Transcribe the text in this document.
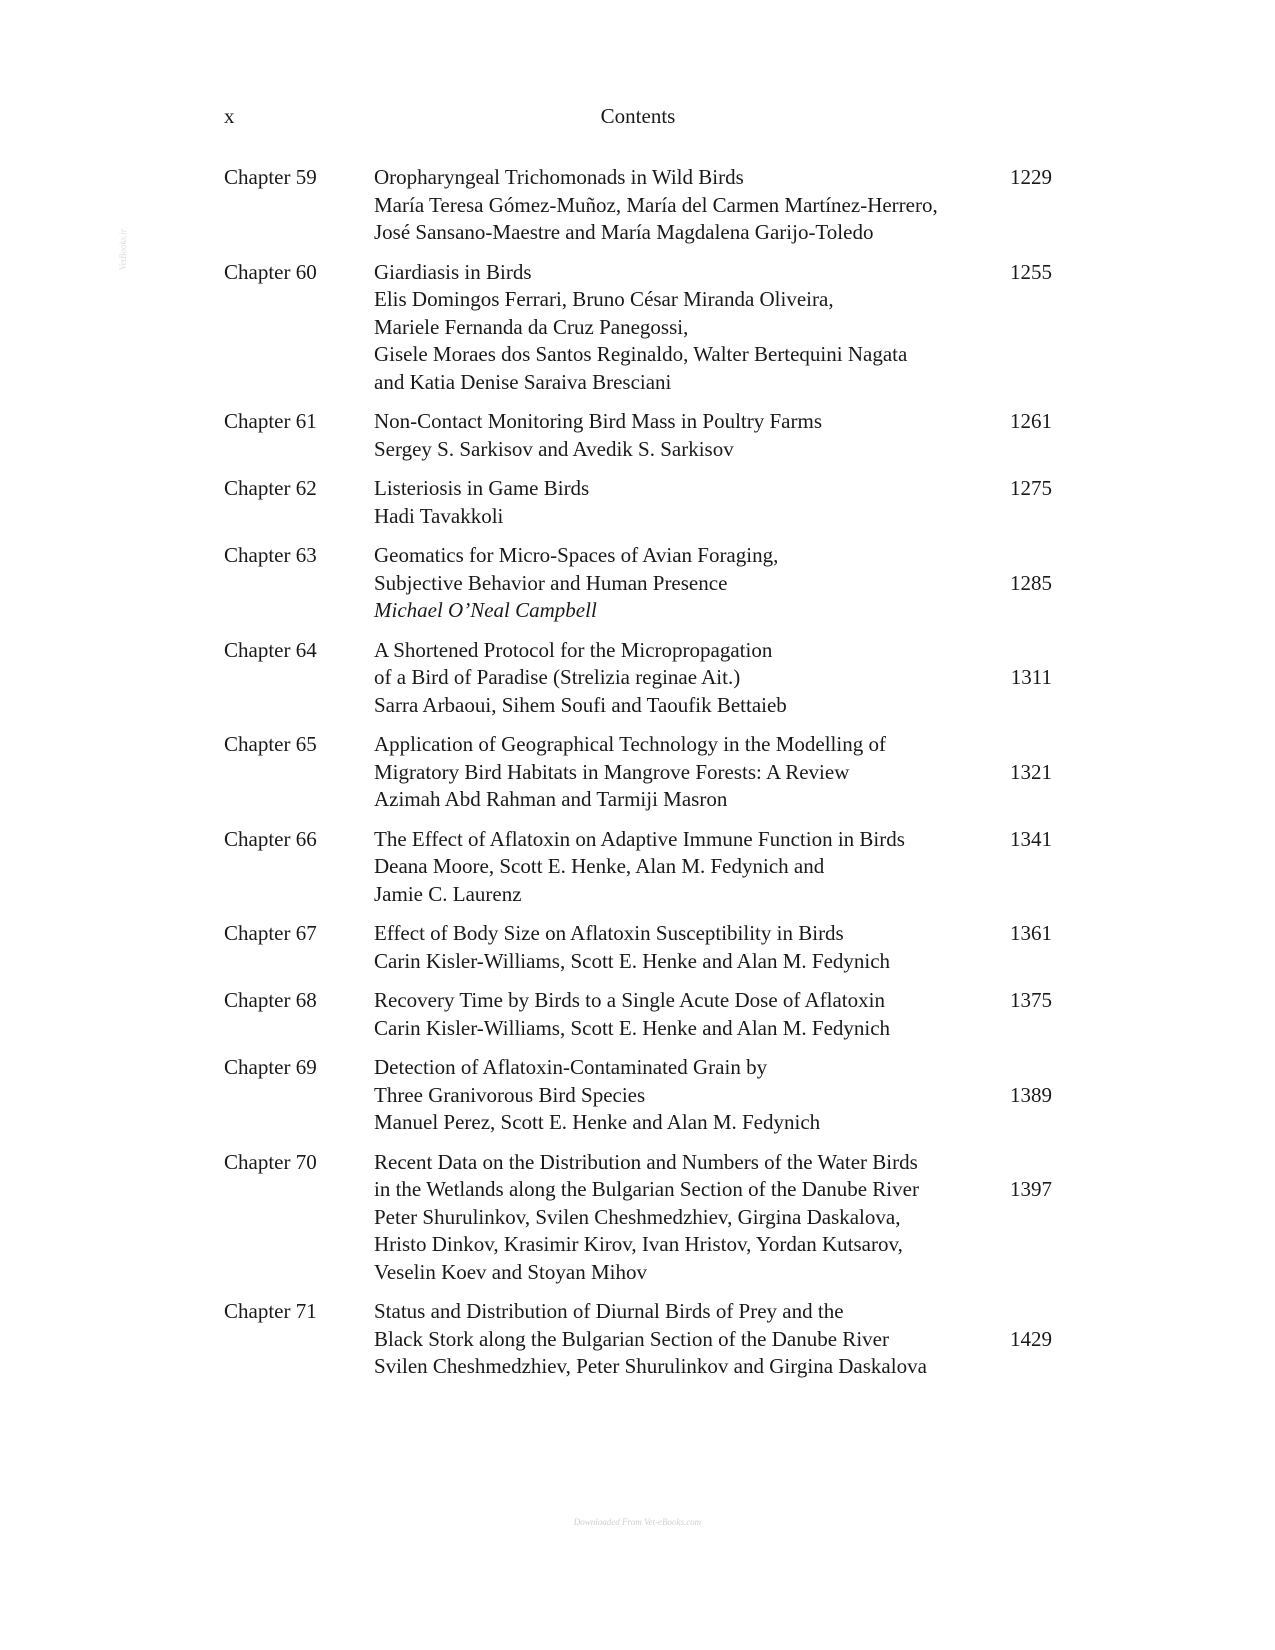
x	Contents
VetBooks.ir
Chapter 59	Oropharyngeal Trichomonads in Wild Birds
María Teresa Gómez-Muñoz, María del Carmen Martínez-Herrero,
José Sansano-Maestre and María Magdalena Garijo-Toledo
1229
Chapter 60	Giardiasis in Birds
Elis Domingos Ferrari, Bruno César Miranda Oliveira,
Mariele Fernanda da Cruz Panegossi,
Gisele Moraes dos Santos Reginaldo, Walter Bertequini Nagata
and Katia Denise Saraiva Bresciani
1255
Chapter 61	Non-Contact Monitoring Bird Mass in Poultry Farms
Sergey S. Sarkisov and Avedik S. Sarkisov
1261
Chapter 62	Listeriosis in Game Birds
Hadi Tavakkoli
1275
Chapter 63	Geomatics for Micro-Spaces of Avian Foraging,
Subjective Behavior and Human Presence
Michael O’Neal Campbell
1285
Chapter 64	A Shortened Protocol for the Micropropagation
of a Bird of Paradise (Strelizia reginae Ait.)
Sarra Arbaoui, Sihem Soufi and Taoufik Bettaieb
1311
Chapter 65	Application of Geographical Technology in the Modelling of
Migratory Bird Habitats in Mangrove Forests: A Review
Azimah Abd Rahman and Tarmiji Masron
1321
Chapter 66	The Effect of Aflatoxin on Adaptive Immune Function in Birds
Deana Moore, Scott E. Henke, Alan M. Fedynich and
Jamie C. Laurenz
1341
Chapter 67	Effect of Body Size on Aflatoxin Susceptibility in Birds
Carin Kisler-Williams, Scott E. Henke and Alan M. Fedynich
1361
Chapter 68	Recovery Time by Birds to a Single Acute Dose of Aflatoxin
Carin Kisler-Williams, Scott E. Henke and Alan M. Fedynich
1375
Chapter 69	Detection of Aflatoxin-Contaminated Grain by
Three Granivorous Bird Species
Manuel Perez, Scott E. Henke and Alan M. Fedynich
1389
Chapter 70	Recent Data on the Distribution and Numbers of the Water Birds
in the Wetlands along the Bulgarian Section of the Danube River
Peter Shurulinkov, Svilen Cheshmedzhiev, Girgina Daskalova,
Hristo Dinkov, Krasimir Kirov, Ivan Hristov, Yordan Kutsarov,
Veselin Koev and Stoyan Mihov
1397
Chapter 71	Status and Distribution of Diurnal Birds of Prey and the
Black Stork along the Bulgarian Section of the Danube River
Svilen Cheshmedzhiev, Peter Shurulinkov and Girgina Daskalova
1429
Downloaded From Vet-eBooks.com
